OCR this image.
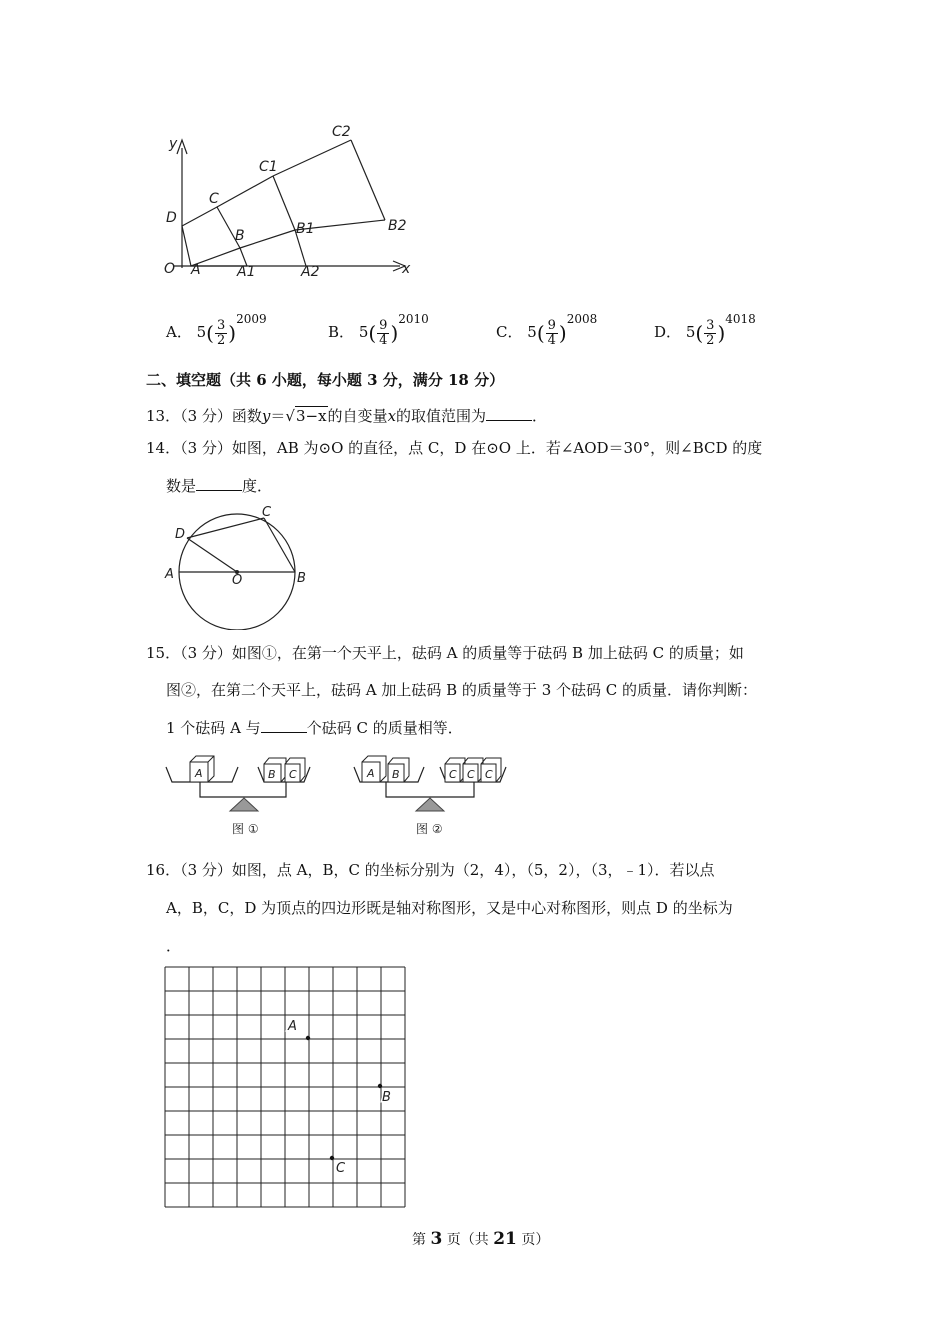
y
x
O A	A1	A2
B	B1	B2
C
C1
C2
D
A． $5( \frac{3}{2} )^{2009}$
B． $5( \frac{9}{4} )^{2010}$
C． $5( \frac{9}{4} )^{2008}$
D． $5( \frac{3}{2} )^{4018}$
二、填空题（共 6 小题，每小题 3 分，满分 18 分）
13．（3 分）函数y＝√3−x的自变量x的取值范围为	．
14．（3 分）如图，AB 为⊙O 的直径，点 C，D 在⊙O 上．若∠AOD＝30°，则∠BCD 的度
数是	度．
A	B
C
D
O
15．（3 分）如图①，在第一个天平上，砝码 A 的质量等于砝码 B 加上砝码 C 的质量；如
图②，在第二个天平上，砝码 A 加上砝码 B 的质量等于 3 个砝码 C 的质量．请你判断：
1 个砝码 A 与	个砝码 C 的质量相等．
A	B C	A B	C C C
图 ①	图 ②
16．（3 分）如图，点 A，B，C 的坐标分别为（2，4），（5，2），（3，﹣1）．若以点
A，B，C，D 为顶点的四边形既是轴对称图形，又是中心对称图形，则点 D 的坐标为
．
A
B
C
第 3 页（共 21 页）
